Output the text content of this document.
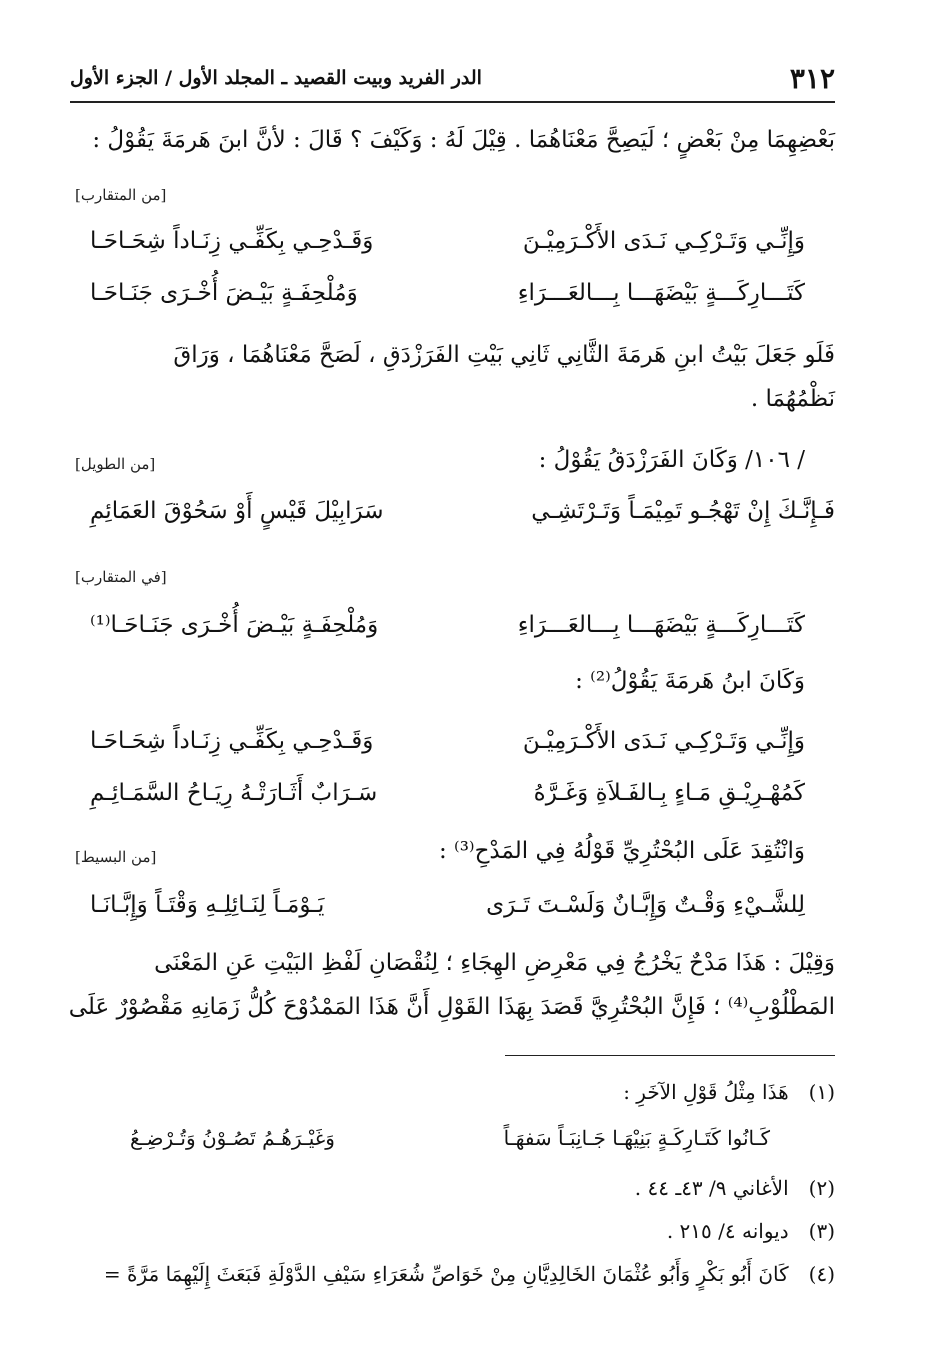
٣١٢
الدر الفريد وبيت القصيد ـ المجلد الأول / الجزء الأول
بَعْضِهِمَا مِنْ بَعْضٍ ؛ لَيَصِحَّ مَعْنَاهُمَا . قِيْلَ لَهُ : وَكَيْفَ ؟ قَالَ : لأنَّ ابنَ هَرمَةَ يَقُوْلُ :
[من المتقارب]
وَإِنِّـي وَتَـرْكِـي نَـدَى الأَكْـرَمِيْـنَ
وَقَـدْحِـي بِكَفِّـي زِنَـاداً شِحَـاحَـا
كَتَـــارِكَـــةٍ بَيْضَهَـــا بِـــالعَـــرَاءِ
وَمُلْحِفَـةٍ بَيْـضَ أُخْـرَى جَنَـاحَـا
فَلَو جَعَلَ بَيْتُ ابنِ هَرمَةَ الثَّانِي ثَانِي بَيْتِ الفَرَزْدَقِ ، لَصَحَّ مَعْنَاهُمَا ، وَرَاقَ
نَظْمُهُمَا .
/ ١٠٦/ وَكَانَ الفَرَزْدَقُ يَقُوْلُ :
[من الطويل]
فَـإِنَّـكَ إِنْ تَهْجُـو تَمِيْمَـاً وَتَـرْتَشِـي
سَرَابِيْلَ قَيْسٍ أَوْ سَحُوْقَ العَمَائِمِ
[في المتقارب]
كَتَـــارِكَـــةٍ بَيْضَهَـــا بِـــالعَـــرَاءِ
وَمُلْحِفَـةٍ بَيْـضَ أُخْـرَى جَنَـاحَـا⁽¹⁾
وَكَانَ ابنُ هَرمَةَ يَقُوْلُ⁽²⁾ :
وَإِنِّـي وَتَـرْكِـي نَـدَى الأَكْـرَمِيْـنَ
وَقَـدْحِـي بِكَفِّـي زِنَـاداً شِحَـاحَـا
كَمُهْـرِيْـقِ مَـاءٍ بِـالفَـلاَةِ وَغَـرَّهُ
سَـرَابٌ أَثَـارَتْـهُ رِيَـاحُ السَّمَـائِـمِ
وَانْتُقِدَ عَلَى البُحْتُرِيِّ قَوْلُهُ فِي المَدْحِ⁽³⁾ :
[من البسيط]
لِلشَّـيْءِ وَقْـتٌ وَإِبَّـانٌ وَلَسْـتَ تَـرَى
يَـوْمَـاً لِنَـائِلِـهِ وَقْتَـاً وَإِبَّـانَـا
وَقِيْلَ : هَذَا مَدْحٌ يَخْرُجُ فِي مَعْرِضِ الهِجَاءِ ؛ لِنُقْصَانِ لَفْظِ البَيْتِ عَنِ المَعْنَى
المَطْلُوْبِ⁽⁴⁾ ؛ فَإِنَّ البُحْتُرِيَّ قَصَدَ بِهَذَا القَوْلِ أَنَّ هَذَا المَمْدُوْحَ كُلُّ زَمَانِهِ مَقْصُوْرٌ عَلَى
(١) هَذَا مِثْلُ قَوْلِ الآخَرِ :
كَـانُوا كَتَـارِكَـةٍ بَنِيْهَـا جَـانِبَـاً سَفهَـاً
وَغَيْـرَهُـمُ تَصُـوْنُ وَتُـرْضِـعُ
(٢) الأغاني ٩/ ٤٣ـ ٤٤ .
(٣) ديوانه ٤/ ٢١٥ .
(٤) كَانَ أَبُو بَكْرٍ وَأَبُو عُثْمَانَ الخَالِدِيَّانِ مِنْ خَوَاصِّ شُعَرَاءِ سَيْفِ الدَّوْلَةِ فَبَعَثَ إِلَيْهِمَا مَرَّةً =
